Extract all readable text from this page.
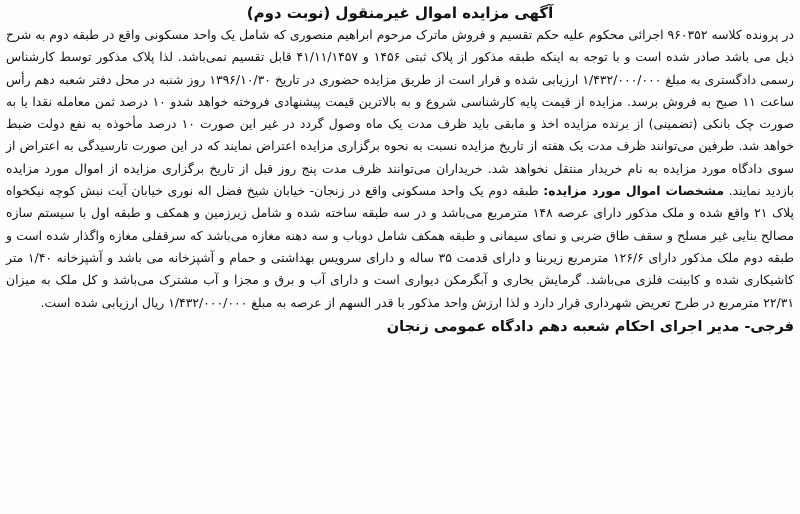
آگهی مزایده اموال غیرمنقول (نوبت دوم)

در پرونده کلاسه ۹۶۰۳۵۲ اجرائی محکوم علیه حکم تقسیم و فروش ماترک مرحوم ابراهیم منصوری که شامل یک واحد مسکونی واقع در طبقه دوم به شرح ذیل می باشد صادر شده است و با توجه به اینکه طبقه مذکور از پلاک ثبتی ۱۴۵۶ و ۴۱/۱۱/۱۴۵۷ قابل تقسیم نمی‌باشد. لذا پلاک مذکور توسط کارشناس رسمی دادگستری به مبلغ ۱/۴۳۲/۰۰۰/۰۰۰ ارزیابی شده و قرار است از طریق مزایده حضوری در تاریخ ۱۳۹۶/۱۰/۳۰ روز شنبه در محل دفتر شعبه دهم رأس ساعت ۱۱ صبح به فروش برسد. مزایده از قیمت پایه کارشناسی شروع و به بالاترین قیمت پیشنهادی فروخته خواهد شدو ۱۰ درصد ثمن معامله نقدا یا به صورت چک بانکی (تضمینی) از برنده مزایده اخذ و مابقی باید ظرف مدت یک ماه وصول گردد در غیر این صورت ۱۰ درصد مأخوذه به نفع دولت ضبط خواهد شد. طرفین می‌توانند ظرف مدت یک هفته از تاریخ مزایده نسبت به نحوه برگزاری مزایده اعتراض نمایند که در این صورت تارسیدگی به اعتراض از سوی دادگاه مورد مزایده به نام خریدار منتقل نخواهد شد. خریداران می‌توانند ظرف مدت پنج روز قبل از تاریخ برگزاری مزایده از اموال مورد مزایده بازدید نمایند. مشخصات اموال مورد مزایده: طبقه دوم یک واحد مسکونی واقع در زنجان- خیابان شیخ فضل اله نوری خیابان آیت نبش کوچه نیکخواه پلاک ۲۱ واقع شده و ملک مذکور دارای عرصه ۱۴۸ مترمربع می‌باشد و در سه طبقه ساخته شده و شامل زیرزمین و همکف و طبقه اول با سیستم سازه مصالح بنایی غیر مسلح و سقف طاق ضربی و نمای سیمانی و طبقه همکف شامل دوباب و سه دهنه مغازه می‌باشد که سرقفلی مغازه واگذار شده است و طبقه دوم ملک مذکور دارای ۱۲۶/۶ مترمربع زیربنا و دارای قدمت ۳۵ ساله و دارای سرویس بهداشتی و حمام و آشپزخانه می باشد و آشپزخانه ۱/۴۰ متر کاشیکاری شده و کابینت فلزی می‌باشد. گرمایش بخاری و آبگرمکن دیواری است و دارای آب و برق و مجزا و آب مشترک می‌باشد و کل ملک به میزان ۲۲/۳۱ مترمربع در طرح تعریض شهرداری قرار دارد و لذا ارزش واحد مذکور با قدر السهم از عرصه به مبلغ ۱/۴۳۲/۰۰۰/۰۰۰ ریال ارزیابی شده است.

فرجی- مدیر اجرای احکام شعبه دهم دادگاه عمومی زنجان
